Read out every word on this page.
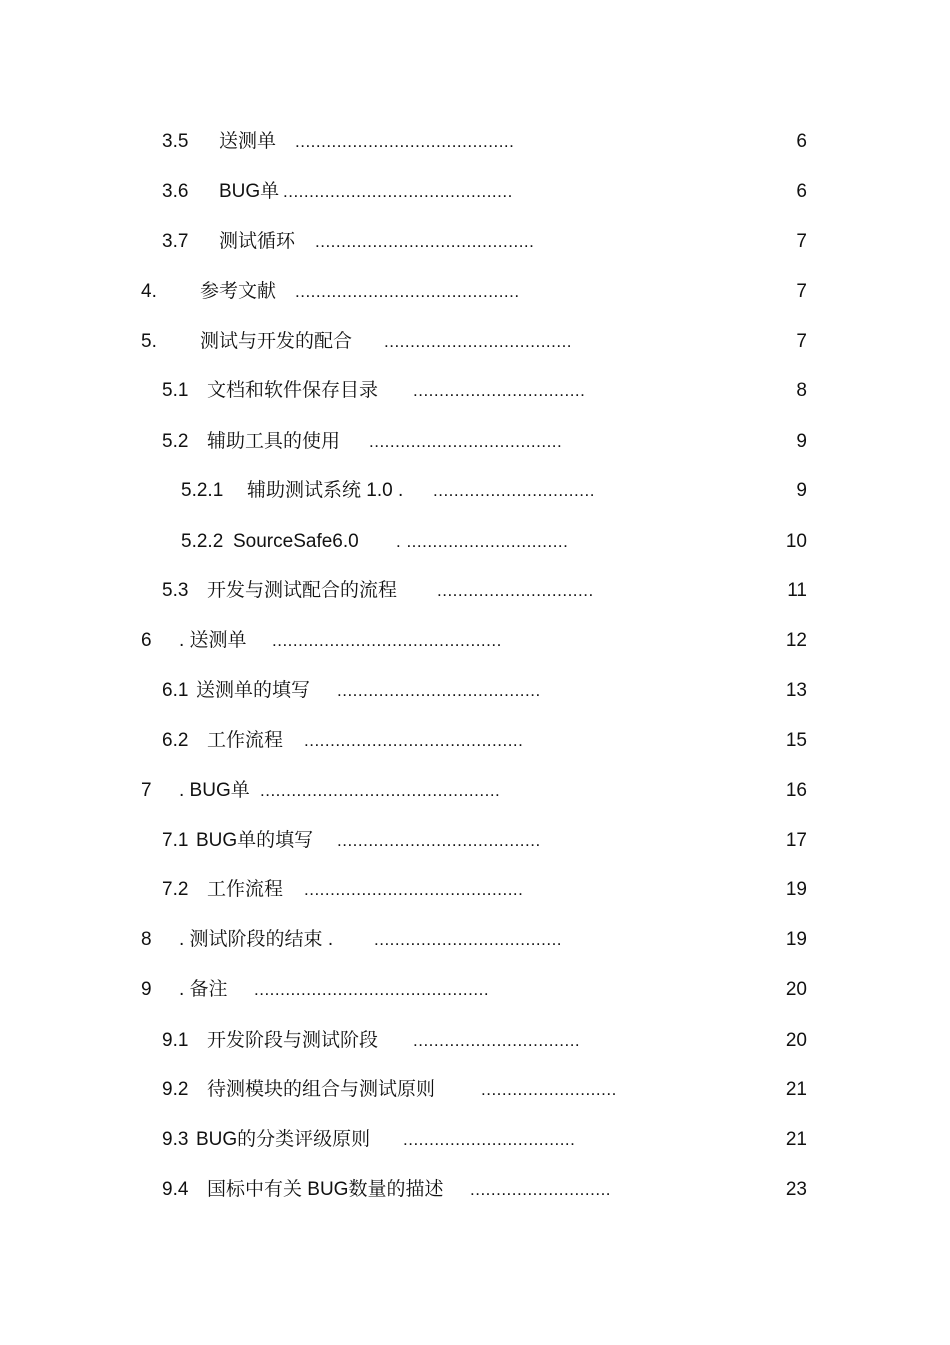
3.5 送测单 ..........................................	6
3.6 BUG单 ............................................	6
3.7 测试循环 ..........................................	7
4. 参考文献 ...........................................	7
5. 测试与开发的配合 ....................................	7
5.1 文档和软件保存目录 .................................	8
5.2 辅助工具的使用 .....................................	9
5.2.1 辅助测试系统 1.0 . ...............................	9
5.2.2 SourceSafe6.0 . ...............................	10
5.3 开发与测试配合的流程 ..............................	11
6 . 送测单 ............................................	12
6.1 送测单的填写 .......................................	13
6.2 工作流程 ..........................................	15
7 . BUG单 ..............................................	16
7.1 BUG单的填写 .......................................	17
7.2 工作流程 ..........................................	19
8 . 测试阶段的结束 . ....................................	19
9 . 备注 .............................................	20
9.1 开发阶段与测试阶段 ................................	20
9.2 待测模块的组合与测试原则	..........................	21
9.3 BUG的分类评级原则 .................................	21
9.4 国标中有关 BUG数量的描述 ...........................	23
